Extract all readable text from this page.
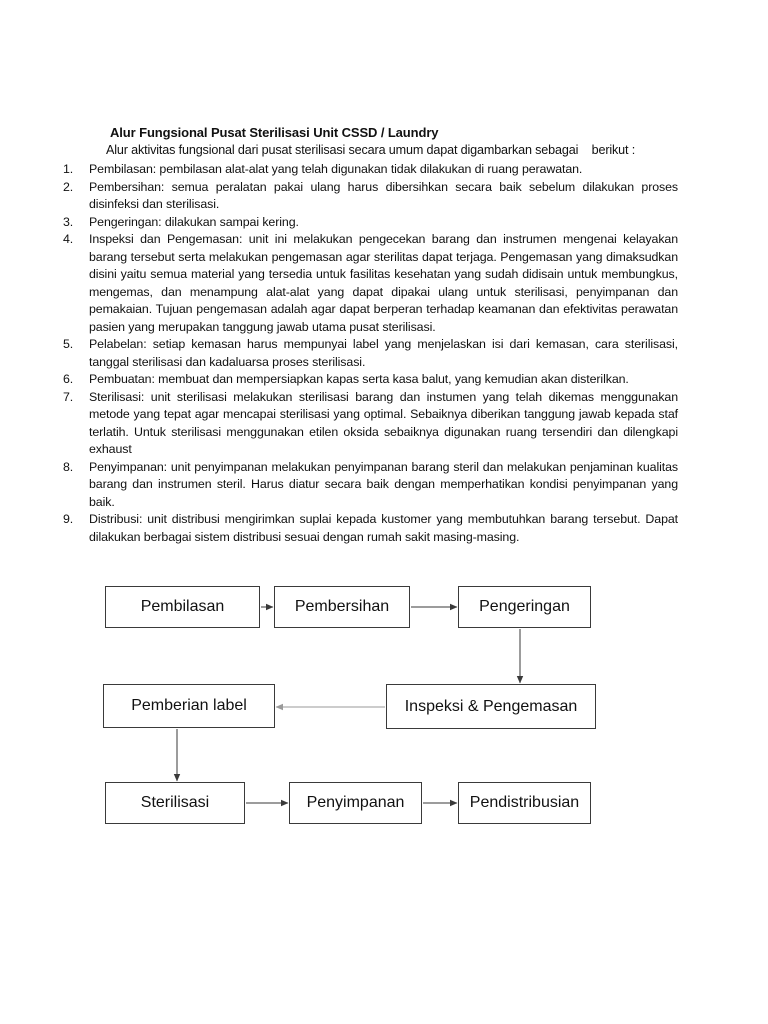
Alur Fungsional Pusat Sterilisasi Unit CSSD / Laundry
Alur aktivitas fungsional dari pusat sterilisasi secara umum dapat digambarkan sebagai    berikut :
1. Pembilasan: pembilasan alat-alat yang telah digunakan tidak dilakukan di ruang perawatan.
2. Pembersihan: semua peralatan pakai ulang harus dibersihkan secara baik sebelum dilakukan proses disinfeksi dan sterilisasi.
3. Pengeringan: dilakukan sampai kering.
4. Inspeksi dan Pengemasan: unit ini melakukan pengecekan barang dan instrumen mengenai kelayakan barang tersebut serta melakukan pengemasan agar sterilitas dapat terjaga. Pengemasan yang dimaksudkan disini yaitu semua material yang tersedia untuk fasilitas kesehatan yang sudah didisain untuk membungkus, mengemas, dan menampung alat-alat yang dapat dipakai ulang untuk sterilisasi, penyimpanan dan pemakaian. Tujuan pengemasan adalah agar dapat berperan terhadap keamanan dan efektivitas perawatan pasien yang merupakan tanggung jawab utama pusat sterilisasi.
5. Pelabelan: setiap kemasan harus mempunyai label yang menjelaskan isi dari kemasan, cara sterilisasi, tanggal sterilisasi dan kadaluarsa proses sterilisasi.
6. Pembuatan: membuat dan mempersiapkan kapas serta kasa balut, yang kemudian akan disterilkan.
7. Sterilisasi: unit sterilisasi melakukan sterilisasi barang dan instumen yang telah dikemas menggunakan metode yang tepat agar mencapai sterilisasi yang optimal. Sebaiknya diberikan tanggung jawab kepada staf terlatih. Untuk sterilisasi menggunakan etilen oksida sebaiknya digunakan ruang tersendiri dan dilengkapi exhaust
8. Penyimpanan: unit penyimpanan melakukan penyimpanan barang steril dan melakukan penjaminan kualitas barang dan instrumen steril. Harus diatur secara baik dengan memperhatikan kondisi penyimpanan yang baik.
9. Distribusi: unit distribusi mengirimkan suplai kepada kustomer yang membutuhkan barang tersebut. Dapat dilakukan berbagai sistem distribusi sesuai dengan rumah sakit masing-masing.
Pembilasan	Pembersihan	Pengeringan
Inspeksi & Pengemasan
Pemberian label
Sterilisasi	Penyimpanan	Pendistribusian
